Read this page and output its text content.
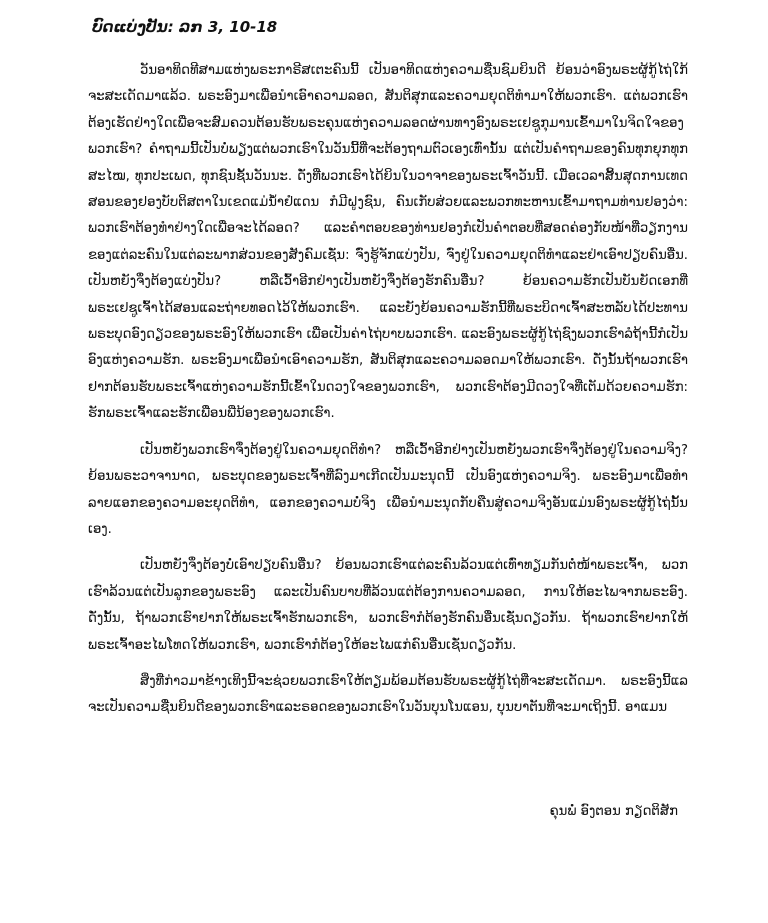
ບົດແບ່ງປັນ: ລກ 3, 10-18

ວັນອາທິດທີສາມແຫ່ງພຣະກາຣີສເຕະຄົນນີ້ ເປັນອາທິດແຫ່ງຄວາມຊື່ນຊົມຍິນດີ ຍ້ອນວ່າອົງພຣະຜູ້ກູ້ໄຖ່ໃກ້ຈະສະເດັດມາແລ້ວ. ພຣະອົງມາເພື່ອນໍາເອົາຄວາມລອດ, ສັນຕິສຸກແລະຄວາມຍຸດຕິທໍາມາໃຫ້ພວກເຮົາ. ແຕ່ພວກເຮົາຕ້ອງເຮັດຢ່າງໃດເພື່ອຈະສົມຄວນຕ້ອນຮັບພຣະຄຸນແຫ່ງຄວາມລອດຜ່ານທາງອົງພຣະເຢຊູກຸມານເຂົ້າມາໃນຈິດໃຈຂອງພວກເຮົາ? ຄໍາຖາມນີ້ເປັນບໍ່ພຽງແຕ່ພວກເຮົາໃນວັນນີ້ທີ່ຈະຕ້ອງຖາມຕົວເອງເທົ່ານັ້ນ ແຕ່ເປັນຄໍາຖາມຂອງຄົນທຸກຍຸກທຸກສະໄໝ, ທຸກປະເພດ, ທຸກຊົນຊັ້ນວັນນະ. ດັ່ງທີ່ພວກເຮົາໄດ້ຍິນໃນວາຈາຂອງພຣະເຈົ້າວັນນີ້. ເມື່ອເວລາສິ້ນສຸດການເທດສອນຂອງຢອງບັບຕິສຕາໃນເຂດແມ່ນໍ້າຢໍແດນ ກໍມີຝູງຊົນ, ຄົນເກັບສ່ວຍແລະພວກທະຫານເຂົ້າມາຖາມທ່ານຢອງວ່າ: ພວກເຮົາຕ້ອງທໍາຢ່າງໃດເພື່ອຈະໄດ້ລອດ? ແລະຄໍາຕອບຂອງທ່ານຢອງກໍເປັນຄໍາຕອບທີ່ສອດຄ່ອງກັບໜ້າທີ່ວຽກງານຂອງແຕ່ລະຄົນໃນແຕ່ລະພາກສ່ວນຂອງສັງຄົມເຊັ່ນ: ຈົ່ງຮູ້ຈັກແບ່ງປັນ, ຈົ່ງຢູ່ໃນຄວາມຍຸດຕິທໍາແລະຢ່າເອົາປຽບຄົນອື່ນ. ເປັນຫຍັງຈຶ່ງຕ້ອງແບ່ງປັນ? ຫລືເວົ້າອີກຢ່າງເປັນຫຍັງຈຶ່ງຕ້ອງຮັກຄົນອື່ນ? ຍ້ອນຄວາມຮັກເປັນບັນຍັດເອກທີ່ພຣະເຢຊູເຈົ້າໄດ້ສອນແລະຖ່າຍທອດໄວ້ໃຫ້ພວກເຮົາ. ແລະຍັງຍ້ອນຄວາມຮັກນີ້ທີ່ພຣະບິດາເຈົ້າສະຫລັບໄດ້ປະທານພຣະບຸດອົງດຽວຂອງພຣະອົງໃຫ້ພວກເຮົາ ເພື່ອເປັນຄ່າໄຖ່ບາບພວກເຮົາ. ແລະອົງພຣະຜູ້ກູ້ໄຖ່ຊົງພວກເຮົາລໍຖ້ານີ້ກໍເປັນອົງແຫ່ງຄວາມຮັກ. ພຣະອົງມາເພື່ອນໍາເອົາຄວາມຮັກ, ສັນຕິສຸກແລະຄວາມລອດມາໃຫ້ພວກເຮົາ. ດັ່ງນັ້ນຖ້າພວກເຮົາຢາກຕ້ອນຮັບພຣະເຈົ້າແຫ່ງຄວາມຮັກນີ້ເຂົ້າໃນດວງໃຈຂອງພວກເຮົາ, ພວກເຮົາຕ້ອງມີດວງໃຈທີ່ເຕັມດ້ວຍຄວາມຮັກ: ຮັກພຣະເຈົ້າແລະຮັກເພື່ອນພີ່ນ້ອງຂອງພວກເຮົາ.

ເປັນຫຍັງພວກເຮົາຈຶ່ງຕ້ອງຢູ່ໃນຄວາມຍຸດຕິທໍາ? ຫລືເວົ້າອີກຢ່າງເປັນຫຍັງພວກເຮົາຈຶ່ງຕ້ອງຢູ່ໃນຄວາມຈິງ? ຍ້ອນພຣະວາຈານາດ, ພຣະບຸດຂອງພຣະເຈົ້າທີ່ລົງມາເກີດເປັນມະນຸດນີ້ ເປັນອົງແຫ່ງຄວາມຈິງ. ພຣະອົງມາເພື່ອທໍາລາຍແອກຂອງຄວາມອະຍຸດຕິທໍາ, ແອກຂອງຄວາມບໍ່ຈິງ ເພື່ອນໍາມະນຸດກັບຄືນສູ່ຄວາມຈິງອັນແມ່ນອົງພຣະຜູ້ກູ້ໄຖ່ນັ້ນເອງ.

ເປັນຫຍັງຈຶ່ງຕ້ອງບໍ່ເອົາປຽບຄົນອື່ນ? ຍ້ອນພວກເຮົາແຕ່ລະຄົນລ້ວນແຕ່ເທົ່າທຽມກັນຕໍ່ໜ້າພຣະເຈົ້າ, ພວກເຮົາລ້ວນແຕ່ເປັນລູກຂອງພຣະອົງ ແລະເປັນຄົນບາບທີ່ລ້ວນແຕ່ຕ້ອງການຄວາມລອດ, ການໃຫ້ອະໄພຈາກພຣະອົງ. ດັ່ງນັ້ນ, ຖ້າພວກເຮົາຢາກໃຫ້ພຣະເຈົ້າຮັກພວກເຮົາ, ພວກເຮົາກໍຕ້ອງຮັກຄົນອື່ນເຊັ່ນດຽວກັນ. ຖ້າພວກເຮົາຢາກໃຫ້ພຣະເຈົ້າອະໄພໂທດໃຫ້ພວກເຮົາ, ພວກເຮົາກໍຕ້ອງໃຫ້ອະໄພແກ່ຄົນອື່ນເຊັ່ນດຽວກັນ.

ສິ່ງທີ່ກ່າວມາຂ້າງເທິງນີ້ຈະຊ່ວຍພວກເຮົາໃຫ້ຕຽມພ້ອມຕ້ອນຮັບພຣະຜູ້ກູ້ໄຖ່ທີ່ຈະສະເດັດມາ. ພຣະອົງນີ້ແລຈະເປັນຄວາມຊື່ນຍິນດີຂອງພວກເຮົາແລະຣອດຂອງພວກເຮົາໃນວັນບຸນໂນແອນ, ບຸນບາຕັນທີ່ຈະມາເຖິງນີ້. ອາແມນ

ຄຸນພໍ່ ອົງຕອນ ກຽດຕິສັກ
